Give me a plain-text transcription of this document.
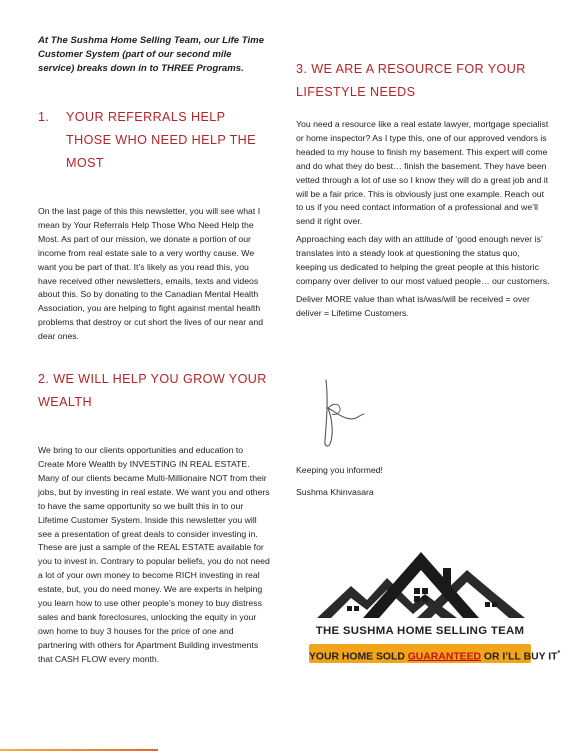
At The Sushma Home Selling Team, our Life Time Customer System (part of our second mile service) breaks down in to THREE Programs.

1.	YOUR REFERRALS HELP THOSE WHO NEED HELP THE MOST

On the last page of this this newsletter, you will see what I mean by Your Referrals Help Those Who Need Help the Most. As part of our mission, we donate a portion of our income from real estate sale to a very worthy cause. We want you be part of that. It’s likely as you read this, you have received other newsletters, emails, texts and videos about this. So by donating to the Canadian Mental Health Association, you are helping to fight against mental health problems that destroy or cut short the lives of our near and dear ones.

2. WE WILL HELP YOU GROW YOUR WEALTH

We bring to our clients opportunities and education to Create More Wealth by INVESTING IN REAL ESTATE. Many of our clients became Multi-Millionaire NOT from their jobs, but by investing in real estate. We want you and others to have the same opportunity so we built this in to our Lifetime Customer System. Inside this newsletter you will see a presentation of great deals to consider investing in. These are just a sample of the REAL ESTATE available for you to invest in. Contrary to popular beliefs, you do not need a lot of your own money to become RICH investing in real estate, but, you do need money. We are experts in helping you learn how to use other people’s money to buy distress sales and bank foreclosures, unlocking the equity in your own home to buy 3 houses for the price of one and partnering with others for Apartment Building investments that CASH FLOW every month.

3. WE ARE A RESOURCE FOR YOUR LIFESTYLE NEEDS

You need a resource like a real estate lawyer, mortgage specialist or home inspector? As I type this, one of our approved vendors is headed to my house to finish my basement. This expert will come and do what they do best… finish the basement. They have been vetted through a lot of use so I know they will do a great job and it will be a fair price. This is obviously just one example. Reach out to us if you need contact information of a professional and we’ll send it right over.

Approaching each day with an attitude of ‘good enough never is’ translates into a steady look at questioning the status quo, keeping us dedicated to helping the great people at this historic company over deliver to our most valued people… our customers.

Deliver MORE value than what is/was/will be received = over deliver = Lifetime Customers.

Keeping you informed!
Sushma Khinvasara
THE SUSHMA HOME SELLING TEAM
YOUR HOME SOLD GUARANTEED OR I’LL BUY IT*
